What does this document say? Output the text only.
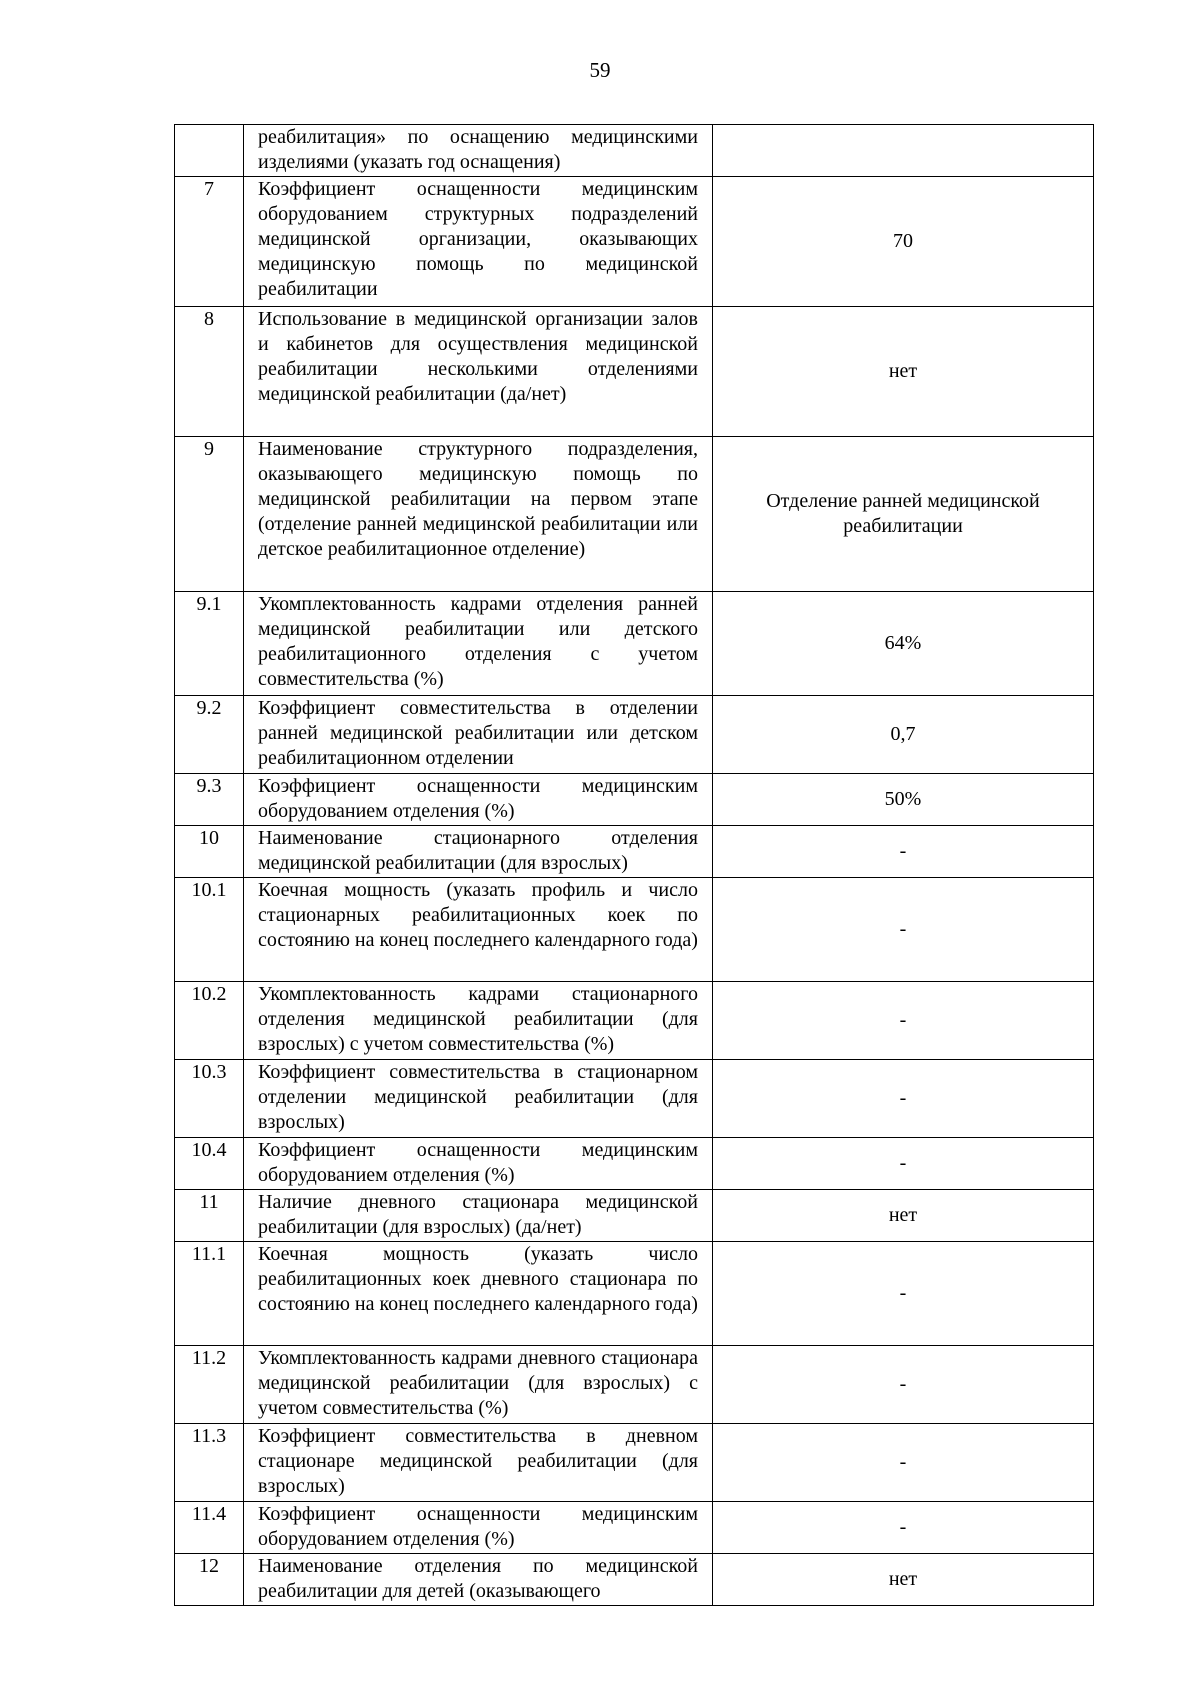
59
	реабилитация» по оснащению медицинскими изделиями (указать год оснащения)	
7	Коэффициент оснащенности медицинским оборудованием структурных подразделений медицинской организации, оказывающих медицинскую помощь по медицинской реабилитации	70
8	Использование в медицинской организации залов и кабинетов для осуществления медицинской реабилитации несколькими отделениями медицинской реабилитации (да/нет)	нет
9	Наименование структурного подразделения, оказывающего медицинскую помощь по медицинской реабилитации на первом этапе (отделение ранней медицинской реабилитации или детское реабилитационное отделение)	Отделение ранней медицинской реабилитации
9.1	Укомплектованность кадрами отделения ранней медицинской реабилитации или детского реабилитационного отделения с учетом совместительства (%)	64%
9.2	Коэффициент совместительства в отделении ранней медицинской реабилитации или детском реабилитационном отделении	0,7
9.3	Коэффициент оснащенности медицинским оборудованием отделения (%)	50%
10	Наименование стационарного отделения медицинской реабилитации (для взрослых)	-
10.1	Коечная мощность (указать профиль и число стационарных реабилитационных коек по состоянию на конец последнего календарного года)	-
10.2	Укомплектованность кадрами стационарного отделения медицинской реабилитации (для взрослых) с учетом совместительства (%)	-
10.3	Коэффициент совместительства в стационарном отделении медицинской реабилитации (для взрослых)	-
10.4	Коэффициент оснащенности медицинским оборудованием отделения (%)	-
11	Наличие дневного стационара медицинской реабилитации (для взрослых) (да/нет)	нет
11.1	Коечная мощность (указать число реабилитационных коек дневного стационара по состоянию на конец последнего календарного года)	-
11.2	Укомплектованность кадрами дневного стационара медицинской реабилитации (для взрослых) с учетом совместительства (%)	-
11.3	Коэффициент совместительства в дневном стационаре медицинской реабилитации (для взрослых)	-
11.4	Коэффициент оснащенности медицинским оборудованием отделения (%)	-
12	Наименование отделения по медицинской реабилитации для детей (оказывающего	нет
